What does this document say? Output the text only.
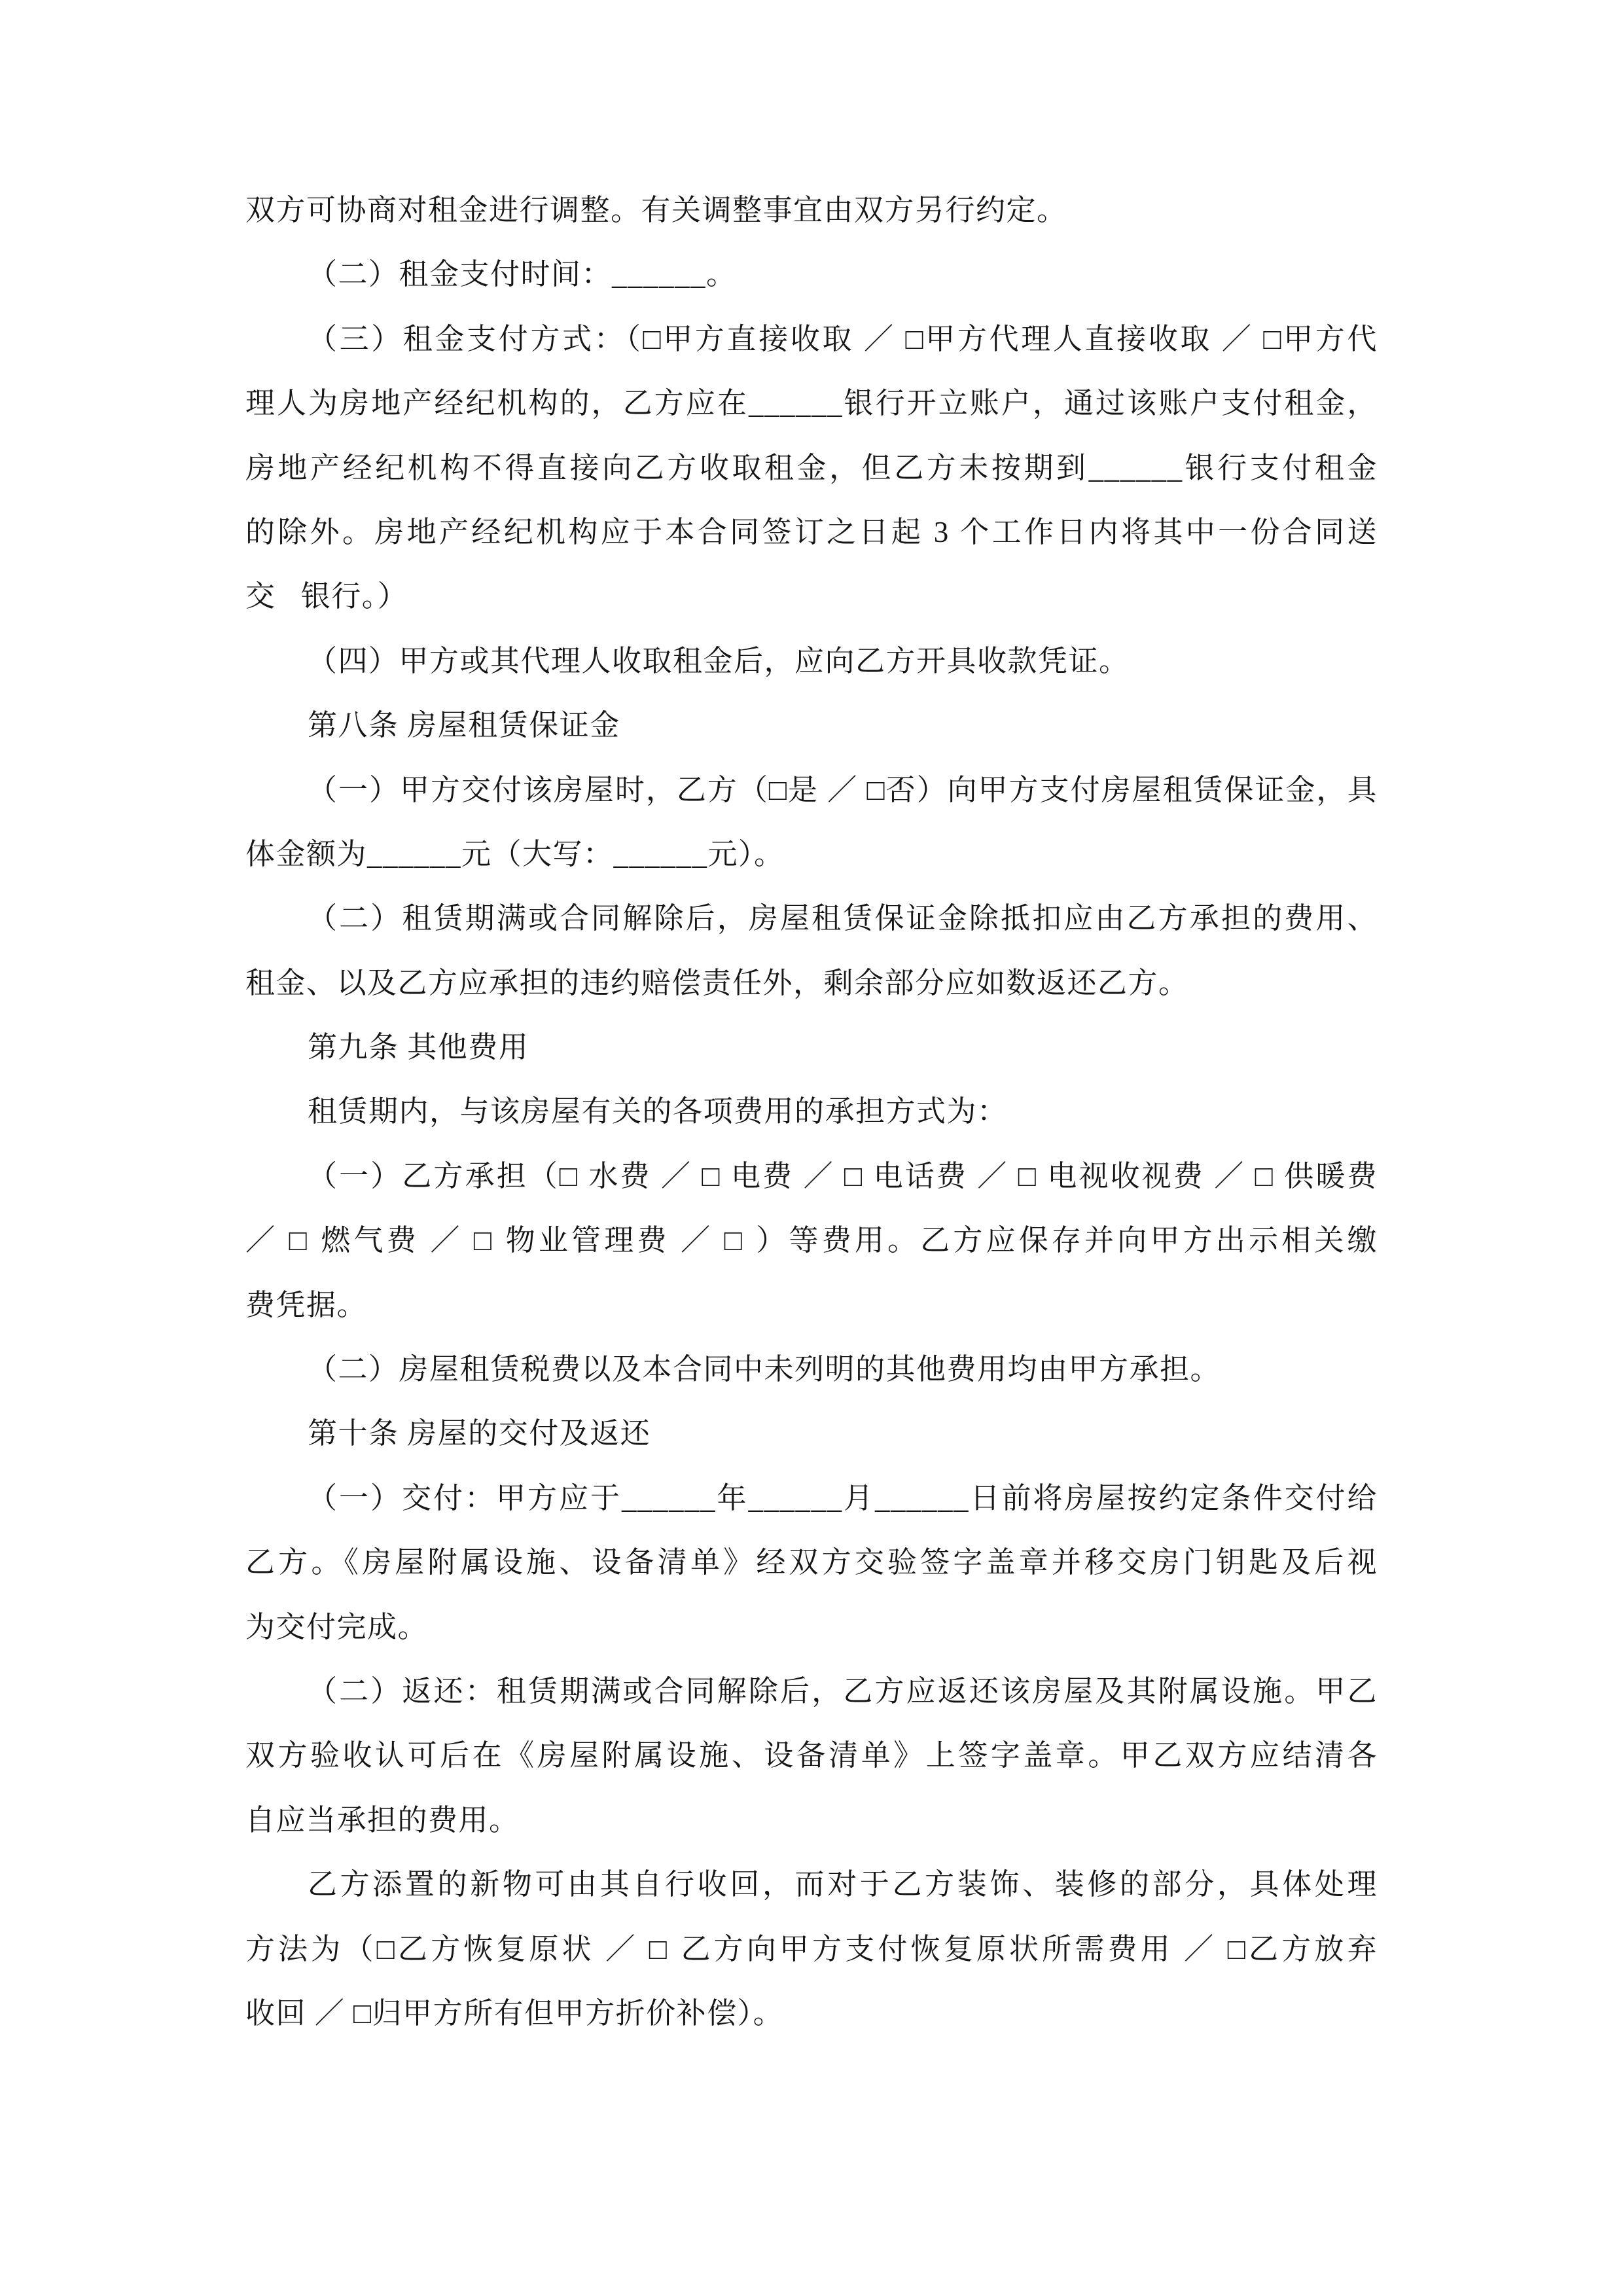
双方可协商对租金进行调整。有关调整事宜由双方另行约定。
（二）租金支付时间：______。
（三）租金支付方式：（□甲方直接收取 ／ □甲方代理人直接收取 ／ □甲方代
理人为房地产经纪机构的，乙方应在______银行开立账户，通过该账户支付租金，
房地产经纪机构不得直接向乙方收取租金，但乙方未按期到______银行支付租金
的除外。房地产经纪机构应于本合同签订之日起 3 个工作日内将其中一份合同送
交   银行。）
（四）甲方或其代理人收取租金后，应向乙方开具收款凭证。
第八条 房屋租赁保证金
（一）甲方交付该房屋时，乙方（□是 ／ □否）向甲方支付房屋租赁保证金，具
体金额为______元（大写：______元）。
（二）租赁期满或合同解除后，房屋租赁保证金除抵扣应由乙方承担的费用、
租金、以及乙方应承担的违约赔偿责任外，剩余部分应如数返还乙方。
第九条 其他费用
租赁期内，与该房屋有关的各项费用的承担方式为：
（一）乙方承担（□ 水费 ／ □ 电费 ／ □ 电话费 ／ □ 电视收视费 ／ □ 供暖费
／ □ 燃气费 ／ □ 物业管理费 ／ □ ）等费用。乙方应保存并向甲方出示相关缴
费凭据。
（二）房屋租赁税费以及本合同中未列明的其他费用均由甲方承担。
第十条 房屋的交付及返还
（一）交付：甲方应于______年______月______日前将房屋按约定条件交付给
乙方。《房屋附属设施、设备清单》经双方交验签字盖章并移交房门钥匙及后视
为交付完成。
（二）返还：租赁期满或合同解除后，乙方应返还该房屋及其附属设施。甲乙
双方验收认可后在《房屋附属设施、设备清单》上签字盖章。甲乙双方应结清各
自应当承担的费用。
乙方添置的新物可由其自行收回，而对于乙方装饰、装修的部分，具体处理
方法为（□乙方恢复原状 ／ □ 乙方向甲方支付恢复原状所需费用 ／ □乙方放弃
收回 ／ □归甲方所有但甲方折价补偿）。
